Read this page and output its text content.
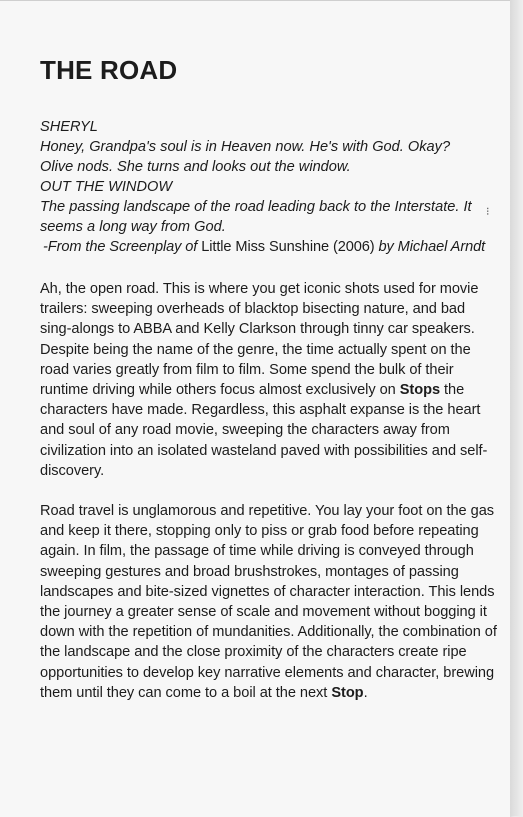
THE ROAD

SHERYL

Honey, Grandpa's soul is in Heaven now. He's with God. Okay?

Olive nods. She turns and looks out the window.

OUT THE WINDOW

The passing landscape of the road leading back to the Interstate. It seems a long way from God.

-From the Screenplay of Little Miss Sunshine (2006) by Michael Arndt

Ah, the open road. This is where you get iconic shots used for movie trailers: sweeping overheads of blacktop bisecting nature, and bad sing-alongs to ABBA and Kelly Clarkson through tinny car speakers. Despite being the name of the genre, the time actually spent on the road varies greatly from film to film. Some spend the bulk of their runtime driving while others focus almost exclusively on Stops the characters have made. Regardless, this asphalt expanse is the heart and soul of any road movie, sweeping the characters away from civilization into an isolated wasteland paved with possibilities and self-discovery.

Road travel is unglamorous and repetitive. You lay your foot on the gas and keep it there, stopping only to piss or grab food before repeating again. In film, the passage of time while driving is conveyed through sweeping gestures and broad brushstrokes, montages of passing landscapes and bite-sized vignettes of character interaction. This lends the journey a greater sense of scale and movement without bogging it down with the repetition of mundanities. Additionally, the combination of the landscape and the close proximity of the characters create ripe opportunities to develop key narrative elements and character, brewing them until they can come to a boil at the next Stop.

⁝
